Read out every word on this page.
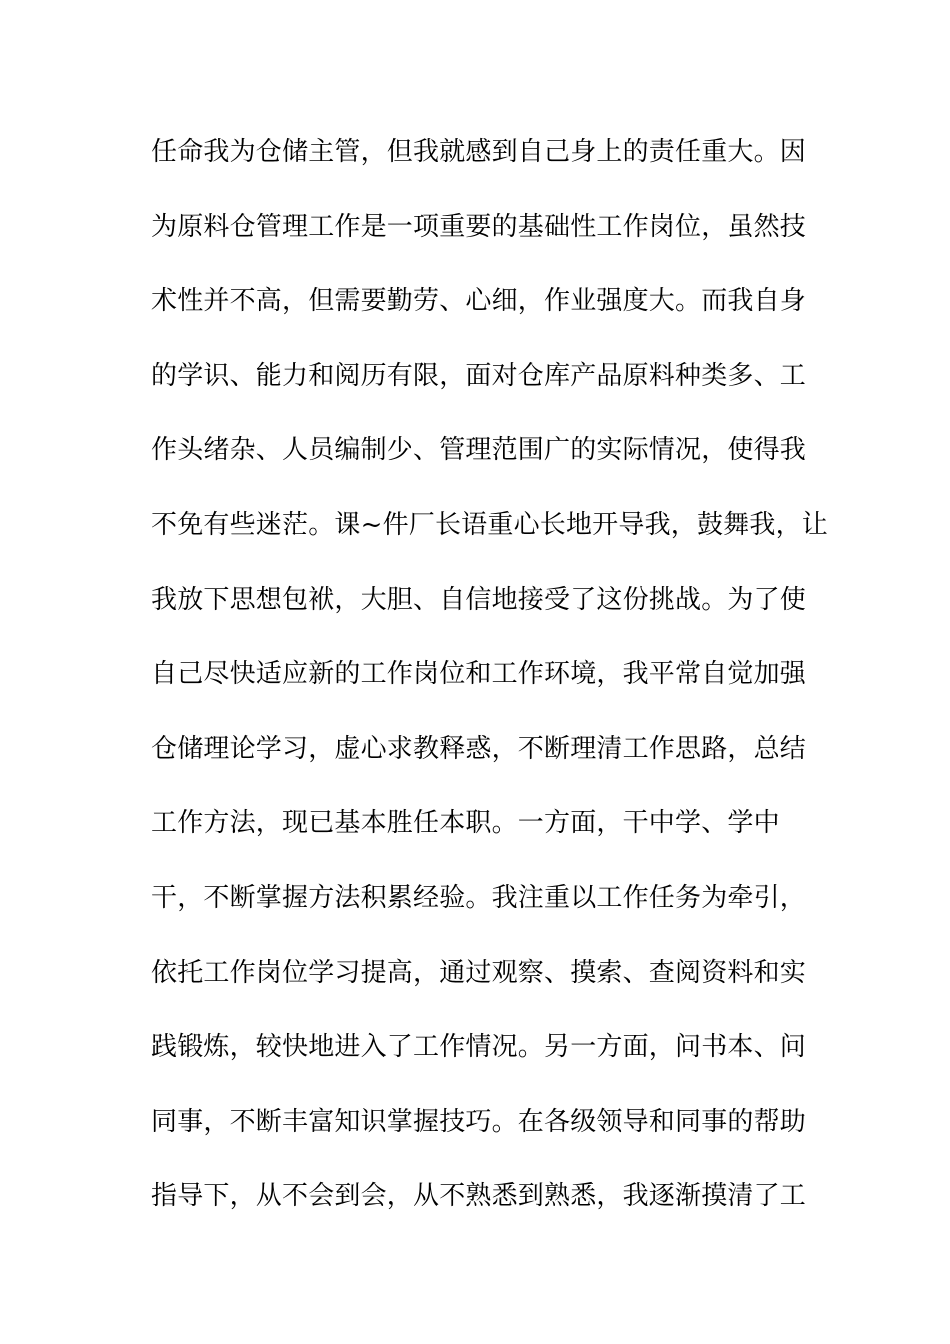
任命我为仓储主管，但我就感到自己身上的责任重大。因
为原料仓管理工作是一项重要的基础性工作岗位，虽然技
术性并不高，但需要勤劳、心细，作业强度大。而我自身
的学识、能力和阅历有限，面对仓库产品原料种类多、工
作头绪杂、人员编制少、管理范围广的实际情况，使得我
不免有些迷茫。课~件厂长语重心长地开导我，鼓舞我，让
我放下思想包袱，大胆、自信地接受了这份挑战。为了使
自己尽快适应新的工作岗位和工作环境，我平常自觉加强
仓储理论学习，虚心求教释惑，不断理清工作思路，总结
工作方法，现已基本胜任本职。一方面，干中学、学中
干，不断掌握方法积累经验。我注重以工作任务为牵引，
依托工作岗位学习提高，通过观察、摸索、查阅资料和实
践锻炼，较快地进入了工作情况。另一方面，问书本、问
同事，不断丰富知识掌握技巧。在各级领导和同事的帮助
指导下，从不会到会，从不熟悉到熟悉，我逐渐摸清了工
